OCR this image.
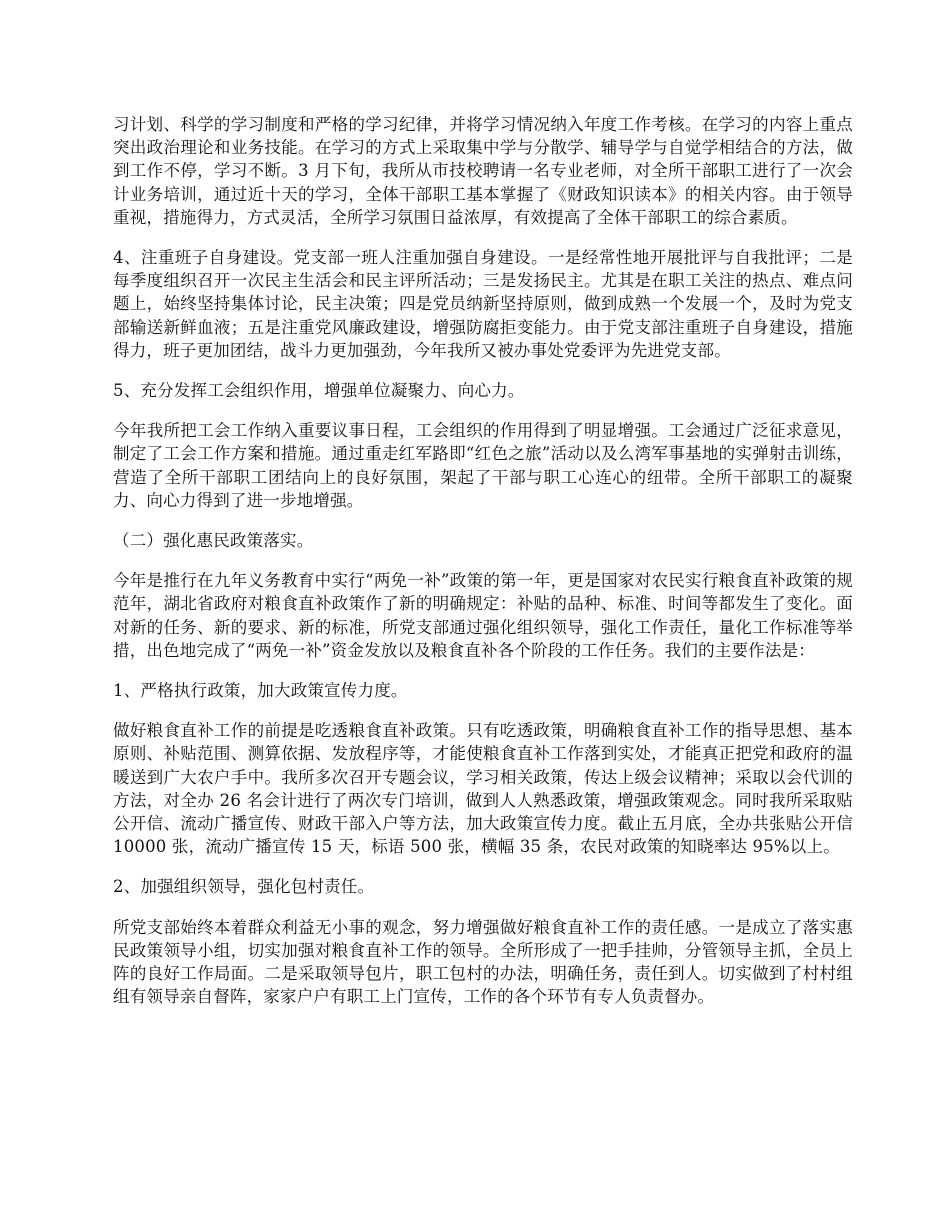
习计划、科学的学习制度和严格的学习纪律，并将学习情况纳入年度工作考核。在学习的内容上重点突出政治理论和业务技能。在学习的方式上采取集中学与分散学、辅导学与自觉学相结合的方法，做到工作不停，学习不断。3 月下旬，我所从市技校聘请一名专业老师，对全所干部职工进行了一次会计业务培训，通过近十天的学习，全体干部职工基本掌握了《财政知识读本》的相关内容。由于领导重视，措施得力，方式灵活，全所学习氛围日益浓厚，有效提高了全体干部职工的综合素质。

4、注重班子自身建设。党支部一班人注重加强自身建设。一是经常性地开展批评与自我批评；二是每季度组织召开一次民主生活会和民主评所活动；三是发扬民主。尤其是在职工关注的热点、难点问题上，始终坚持集体讨论，民主决策；四是党员纳新坚持原则，做到成熟一个发展一个，及时为党支部输送新鲜血液；五是注重党风廉政建设，增强防腐拒变能力。由于党支部注重班子自身建设，措施得力，班子更加团结，战斗力更加强劲，今年我所又被办事处党委评为先进党支部。

5、充分发挥工会组织作用，增强单位凝聚力、向心力。

今年我所把工会工作纳入重要议事日程，工会组织的作用得到了明显增强。工会通过广泛征求意见，制定了工会工作方案和措施。通过重走红军路即“红色之旅”活动以及么湾军事基地的实弹射击训练，营造了全所干部职工团结向上的良好氛围，架起了干部与职工心连心的纽带。全所干部职工的凝聚力、向心力得到了进一步地增强。

（二）强化惠民政策落实。

今年是推行在九年义务教育中实行“两免一补”政策的第一年，更是国家对农民实行粮食直补政策的规范年，湖北省政府对粮食直补政策作了新的明确规定：补贴的品种、标准、时间等都发生了变化。面对新的任务、新的要求、新的标准，所党支部通过强化组织领导，强化工作责任，量化工作标准等举措，出色地完成了“两免一补”资金发放以及粮食直补各个阶段的工作任务。我们的主要作法是：

1、严格执行政策，加大政策宣传力度。

做好粮食直补工作的前提是吃透粮食直补政策。只有吃透政策，明确粮食直补工作的指导思想、基本原则、补贴范围、测算依据、发放程序等，才能使粮食直补工作落到实处，才能真正把党和政府的温暖送到广大农户手中。我所多次召开专题会议，学习相关政策，传达上级会议精神；采取以会代训的方法，对全办 26 名会计进行了两次专门培训，做到人人熟悉政策，增强政策观念。同时我所采取贴公开信、流动广播宣传、财政干部入户等方法，加大政策宣传力度。截止五月底，全办共张贴公开信 10000 张，流动广播宣传 15 天，标语 500 张，横幅 35 条，农民对政策的知晓率达 95%以上。

2、加强组织领导，强化包村责任。

所党支部始终本着群众利益无小事的观念，努力增强做好粮食直补工作的责任感。一是成立了落实惠民政策领导小组，切实加强对粮食直补工作的领导。全所形成了一把手挂帅，分管领导主抓，全员上阵的良好工作局面。二是采取领导包片，职工包村的办法，明确任务，责任到人。切实做到了村村组组有领导亲自督阵，家家户户有职工上门宣传，工作的各个环节有专人负责督办。
